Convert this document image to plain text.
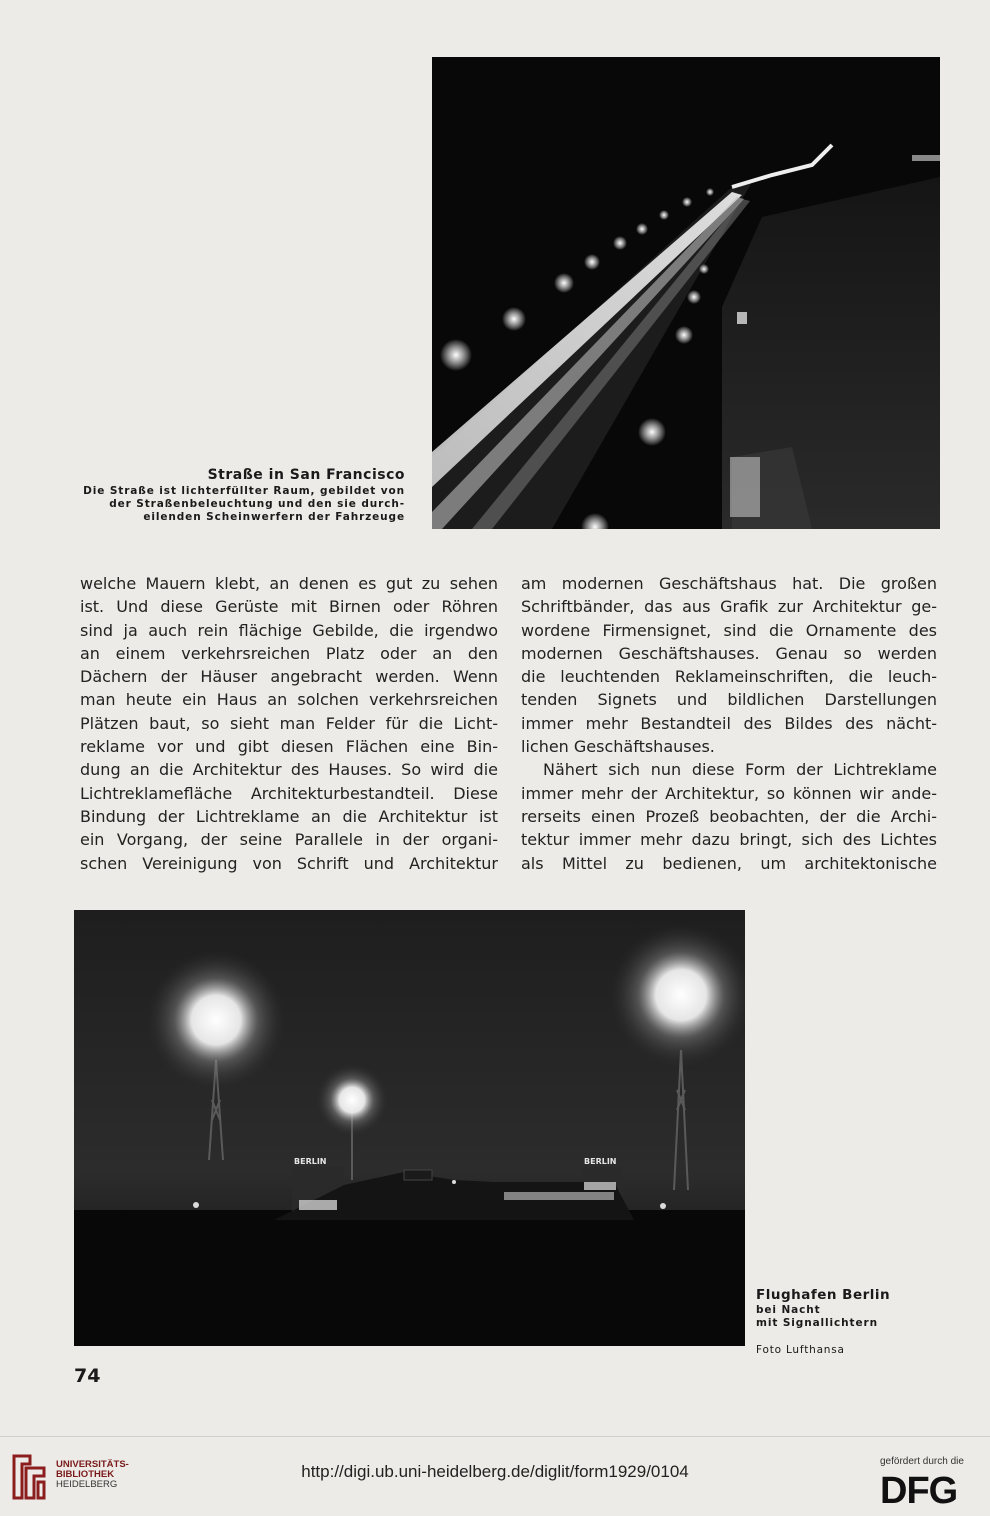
Straße in San Francisco
Die Straße ist lichterfüllter Raum, gebildet von
der Straßenbeleuchtung und den sie durch-
eilenden Scheinwerfern der Fahrzeuge
welche Mauern klebt, an denen es gut zu sehen
ist. Und diese Gerüste mit Birnen oder Röhren
sind ja auch rein flächige Gebilde, die irgendwo
an einem verkehrsreichen Platz oder an den
Dächern der Häuser angebracht werden. Wenn
man heute ein Haus an solchen verkehrsreichen
Plätzen baut, so sieht man Felder für die Licht-
reklame vor und gibt diesen Flächen eine Bin-
dung an die Architektur des Hauses. So wird die
Lichtreklamefläche Architekturbestandteil. Diese
Bindung der Lichtreklame an die Architektur ist
ein Vorgang, der seine Parallele in der organi-
schen Vereinigung von Schrift und Architektur
am modernen Geschäftshaus hat. Die großen
Schriftbänder, das aus Grafik zur Architektur ge-
wordene Firmensignet, sind die Ornamente des
modernen Geschäftshauses. Genau so werden
die leuchtenden Reklameinschriften, die leuch-
tenden Signets und bildlichen Darstellungen
immer mehr Bestandteil des Bildes des nächt-
lichen Geschäftshauses.
Nähert sich nun diese Form der Lichtreklame
immer mehr der Architektur, so können wir ande-
rerseits einen Prozeß beobachten, der die Archi-
tektur immer mehr dazu bringt, sich des Lichtes
als Mittel zu bedienen, um architektonische
BERLIN	BERLIN
Flughafen Berlin
bei Nacht
mit Signallichtern
Foto Lufthansa
74
UNIVERSITÄTS-
BIBLIOTHEK
HEIDELBERG
http://digi.ub.uni-heidelberg.de/diglit/form1929/0104
gefördert durch die
DFG
